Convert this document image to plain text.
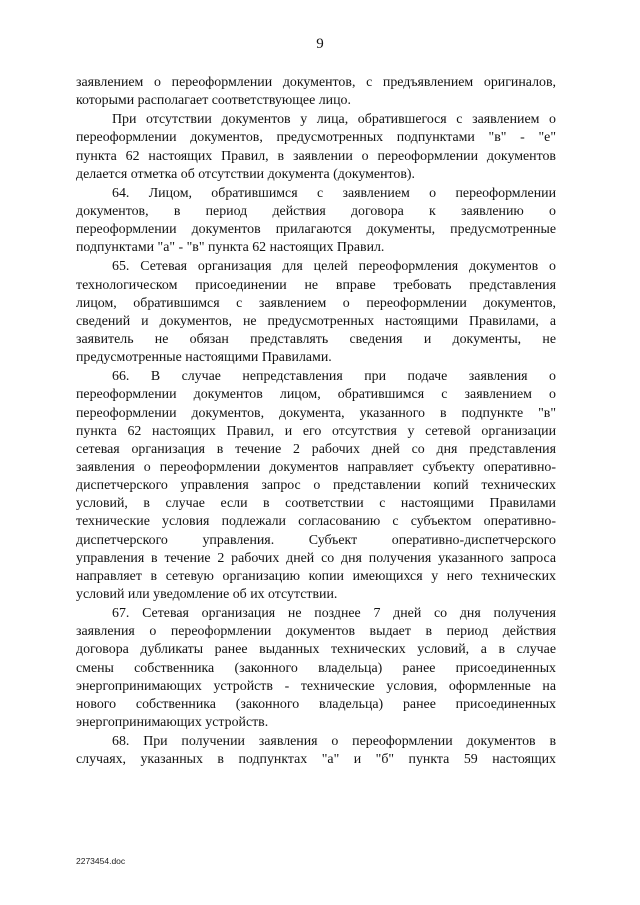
9
заявлением о переоформлении документов, с предъявлением оригиналов,
которыми располагает соответствующее лицо.
При отсутствии документов у лица, обратившегося с заявлением о
переоформлении документов, предусмотренных подпунктами "в" - "е"
пункта 62 настоящих Правил, в заявлении о переоформлении документов
делается отметка об отсутствии документа (документов).
64. Лицом, обратившимся с заявлением о переоформлении
документов, в период действия договора к заявлению о
переоформлении документов прилагаются документы, предусмотренные
подпунктами "а" - "в" пункта 62 настоящих Правил.
65. Сетевая организация для целей переоформления документов о
технологическом присоединении не вправе требовать представления
лицом, обратившимся с заявлением о переоформлении документов,
сведений и документов, не предусмотренных настоящими Правилами, а
заявитель не обязан представлять сведения и документы, не
предусмотренные настоящими Правилами.
66. В случае непредставления при подаче заявления о
переоформлении документов лицом, обратившимся с заявлением о
переоформлении документов, документа, указанного в подпункте "в"
пункта 62 настоящих Правил, и его отсутствия у сетевой организации
сетевая организация в течение 2 рабочих дней со дня представления
заявления о переоформлении документов направляет субъекту оперативно-
диспетчерского управления запрос о представлении копий технических
условий, в случае если в соответствии с настоящими Правилами
технические условия подлежали согласованию с субъектом оперативно-
диспетчерского управления. Субъект оперативно-диспетчерского
управления в течение 2 рабочих дней со дня получения указанного запроса
направляет в сетевую организацию копии имеющихся у него технических
условий или уведомление об их отсутствии.
67. Сетевая организация не позднее 7 дней со дня получения
заявления о переоформлении документов выдает в период действия
договора дубликаты ранее выданных технических условий, а в случае
смены собственника (законного владельца) ранее присоединенных
энергопринимающих устройств - технические условия, оформленные на
нового собственника (законного владельца) ранее присоединенных
энергопринимающих устройств.
68. При получении заявления о переоформлении документов в
случаях, указанных в подпунктах "а" и "б" пункта 59 настоящих
2273454.doc
